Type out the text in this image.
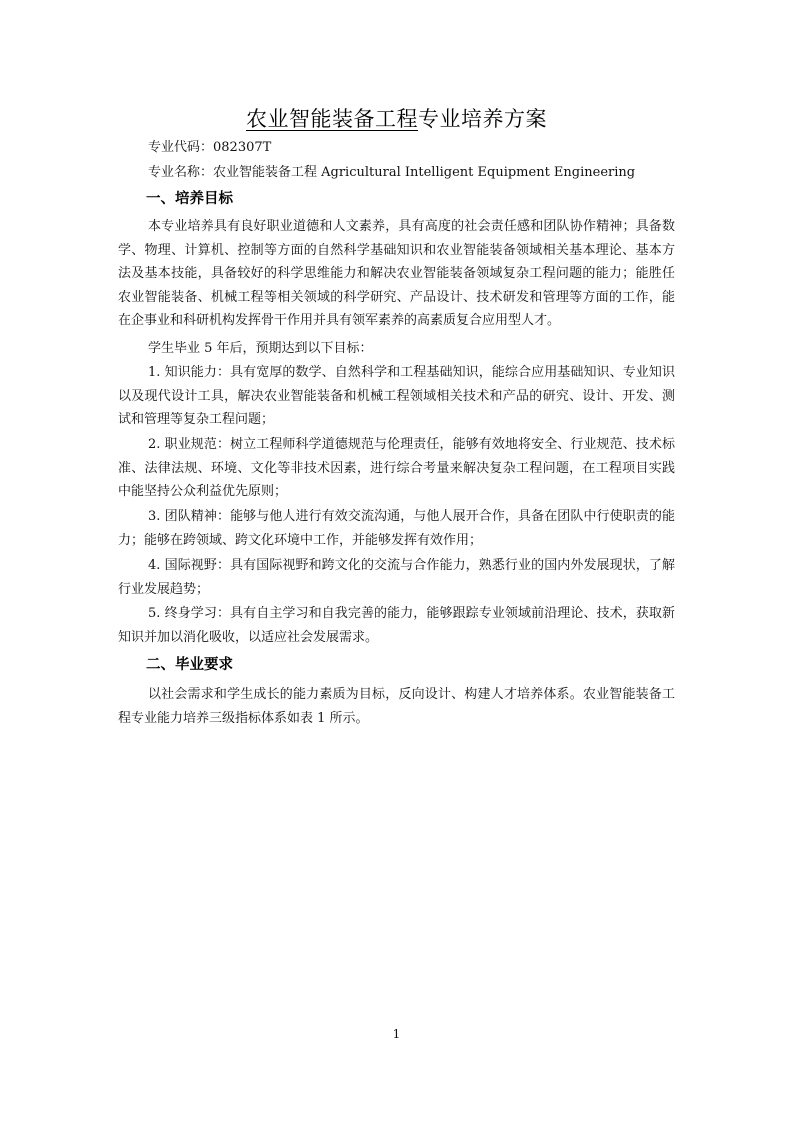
农业智能装备工程专业培养方案
专业代码：082307T
专业名称：农业智能装备工程 Agricultural Intelligent Equipment Engineering
一、培养目标
本专业培养具有良好职业道德和人文素养，具有高度的社会责任感和团队协作精神；具备数学、物理、计算机、控制等方面的自然科学基础知识和农业智能装备领域相关基本理论、基本方法及基本技能，具备较好的科学思维能力和解决农业智能装备领域复杂工程问题的能力；能胜任农业智能装备、机械工程等相关领域的科学研究、产品设计、技术研发和管理等方面的工作，能在企事业和科研机构发挥骨干作用并具有领军素养的高素质复合应用型人才。
学生毕业 5 年后，预期达到以下目标：
1. 知识能力：具有宽厚的数学、自然科学和工程基础知识，能综合应用基础知识、专业知识以及现代设计工具，解决农业智能装备和机械工程领域相关技术和产品的研究、设计、开发、测试和管理等复杂工程问题；
2. 职业规范：树立工程师科学道德规范与伦理责任，能够有效地将安全、行业规范、技术标准、法律法规、环境、文化等非技术因素，进行综合考量来解决复杂工程问题，在工程项目实践中能坚持公众利益优先原则；
3. 团队精神：能够与他人进行有效交流沟通，与他人展开合作，具备在团队中行使职责的能力；能够在跨领域、跨文化环境中工作，并能够发挥有效作用；
4. 国际视野：具有国际视野和跨文化的交流与合作能力，熟悉行业的国内外发展现状，了解行业发展趋势；
5. 终身学习：具有自主学习和自我完善的能力，能够跟踪专业领域前沿理论、技术，获取新知识并加以消化吸收，以适应社会发展需求。
二、毕业要求
以社会需求和学生成长的能力素质为目标，反向设计、构建人才培养体系。农业智能装备工程专业能力培养三级指标体系如表 1 所示。
1
